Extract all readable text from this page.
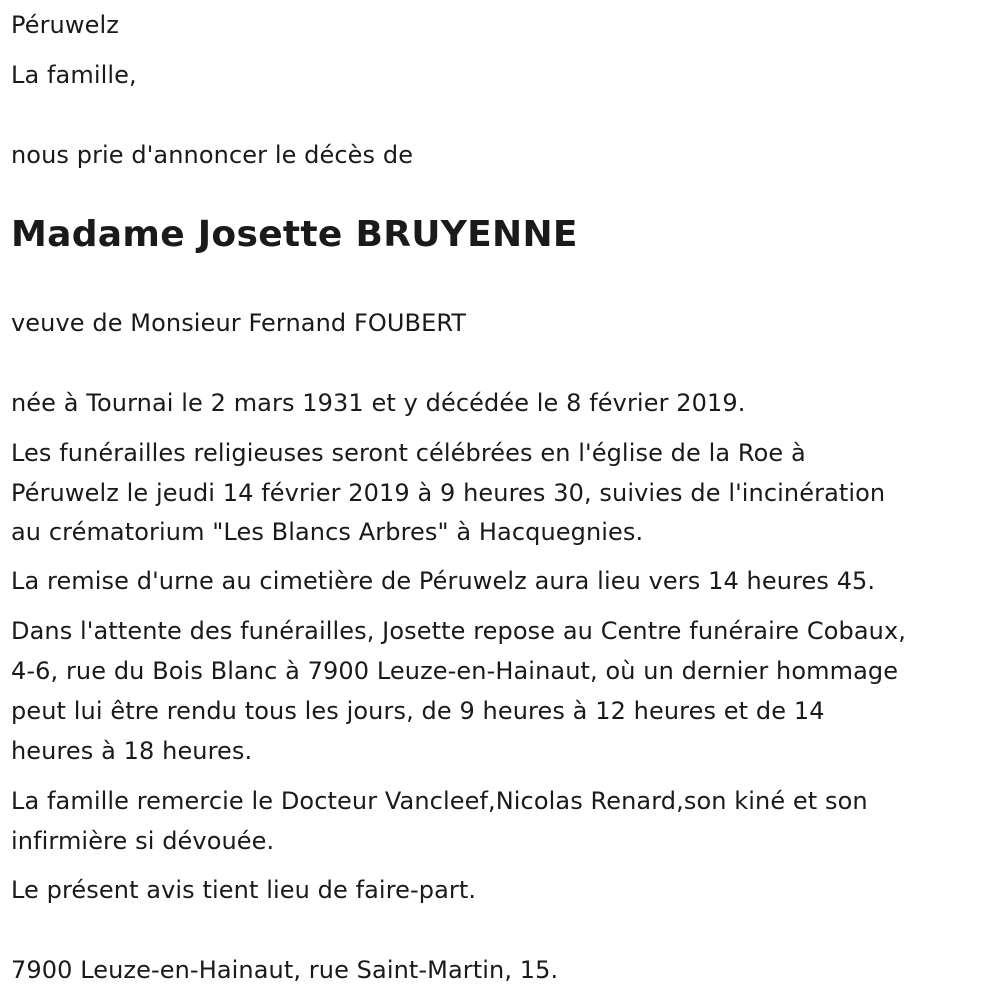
Péruwelz

La famille,

nous prie d'annoncer le décès de

Madame Josette BRUYENNE

veuve de Monsieur Fernand FOUBERT

née à Tournai le 2 mars 1931 et y décédée le 8 février 2019.

Les funérailles religieuses seront célébrées en l'église de la Roe à

Péruwelz le jeudi 14 février 2019 à 9 heures 30, suivies de l'incinération

au crématorium "Les Blancs Arbres" à Hacquegnies.

La remise d'urne au cimetière de Péruwelz aura lieu vers 14 heures 45.

Dans l'attente des funérailles, Josette repose au Centre funéraire Cobaux,

4-6, rue du Bois Blanc à 7900 Leuze-en-Hainaut, où un dernier hommage

peut lui être rendu tous les jours, de 9 heures à 12 heures et de 14

heures à 18 heures.

La famille remercie le Docteur Vancleef,Nicolas Renard,son kiné et son

infirmière si dévouée.

Le présent avis tient lieu de faire-part.

7900 Leuze-en-Hainaut, rue Saint-Martin, 15.
